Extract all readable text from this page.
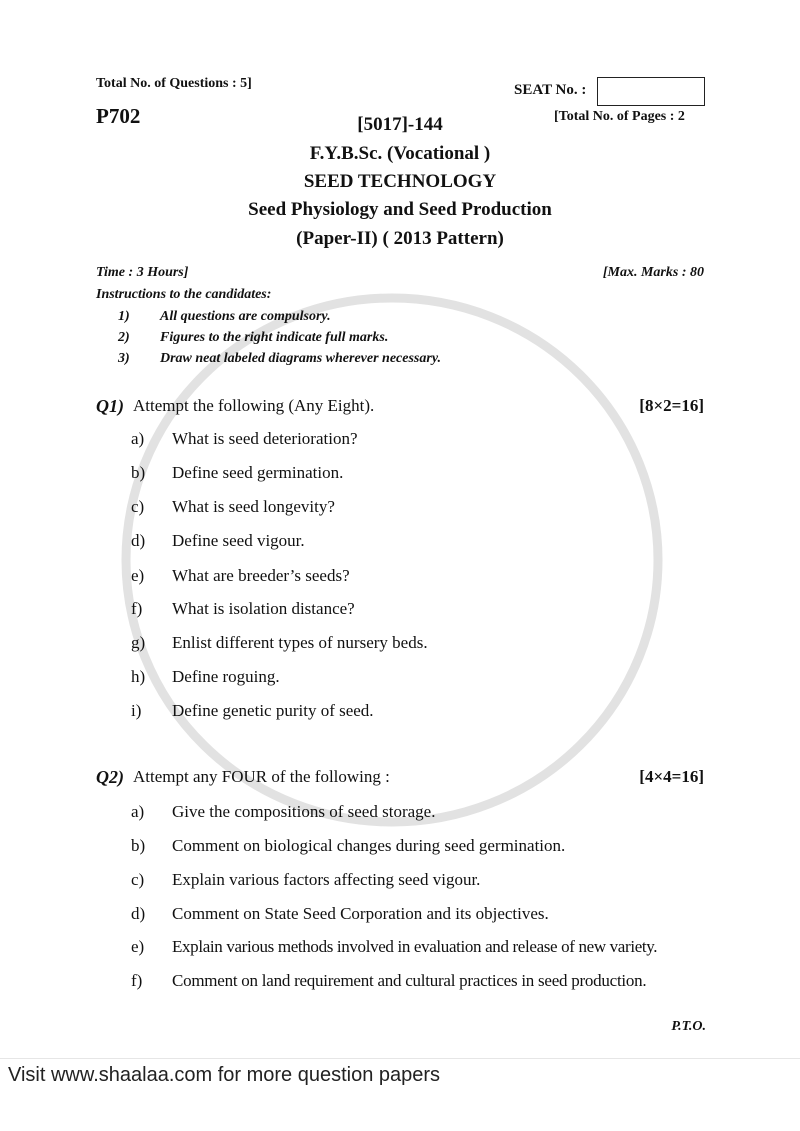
Total No. of Questions : 5]	SEAT No. :
P702	[Total No. of Pages : 2
[5017]-144
F.Y.B.Sc. (Vocational )
SEED TECHNOLOGY
Seed Physiology and Seed Production
(Paper-II) ( 2013 Pattern)
Time : 3 Hours]	[Max. Marks : 80
Instructions to the candidates:
1) All questions are compulsory.
2) Figures to the right indicate full marks.
3) Draw neat labeled diagrams wherever necessary.
Q1) Attempt the following (Any Eight).	[8×2=16]
a) What is seed deterioration?
b) Define seed germination.
c) What is seed longevity?
d) Define seed vigour.
e) What are breeder’s seeds?
f) What is isolation distance?
g) Enlist different types of nursery beds.
h) Define roguing.
i) Define genetic purity of seed.
Q2) Attempt any FOUR of the following :	[4×4=16]
a) Give the compositions of seed storage.
b) Comment on biological changes during seed germination.
c) Explain various factors affecting seed vigour.
d) Comment on State Seed Corporation and its objectives.
e) Explain various methods involved in evaluation and release of new variety.
f) Comment on land requirement and cultural practices in seed production.
P.T.O.
Visit www.shaalaa.com for more question papers
